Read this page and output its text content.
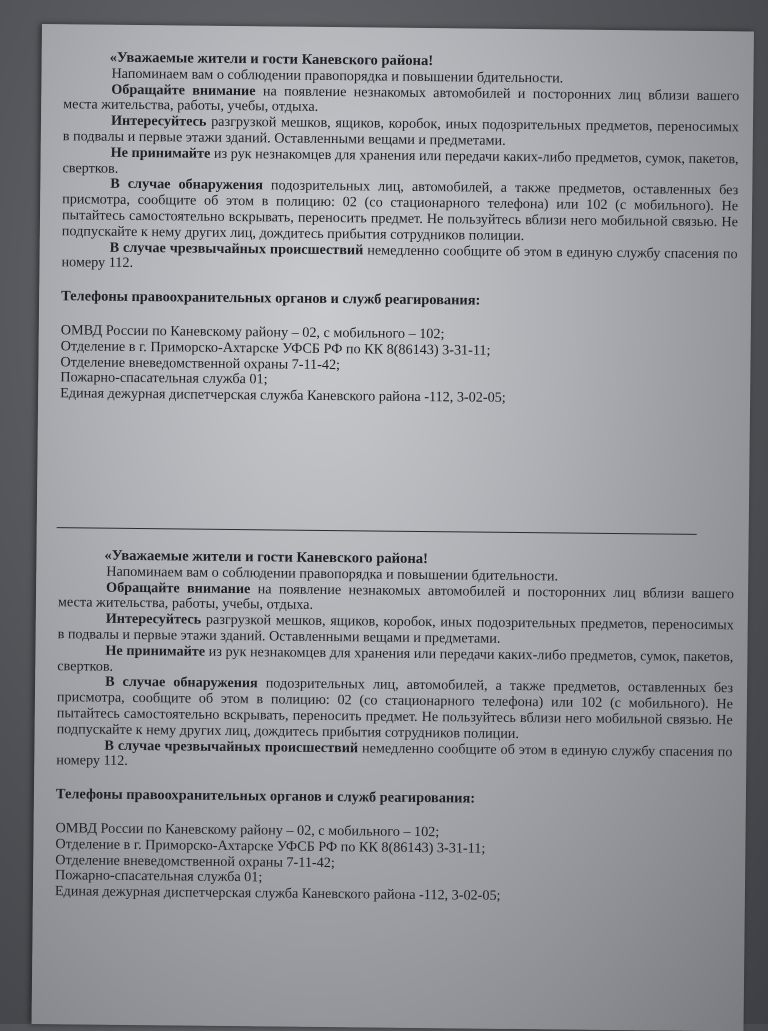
«Уважаемые жители и гости Каневского района!

Напоминаем вам о соблюдении правопорядка и повышении бдительности.

Обращайте внимание на появление незнакомых автомобилей и посторонних лиц вблизи вашего места жительства, работы, учебы, отдыха.

Интересуйтесь разгрузкой мешков, ящиков, коробок, иных подозрительных предметов, переносимых в подвалы и первые этажи зданий. Оставленными вещами и предметами.

Не принимайте из рук незнакомцев для хранения или передачи каких-либо предметов, сумок, пакетов, свертков.

В случае обнаружения подозрительных лиц, автомобилей, а также предметов, оставленных без присмотра, сообщите об этом в полицию: 02 (со стационарного телефона) или 102 (с мобильного). Не пытайтесь самостоятельно вскрывать, переносить предмет. Не пользуйтесь вблизи него мобильной связью. Не подпускайте к нему других лиц, дождитесь прибытия сотрудников полиции.

В случае чрезвычайных происшествий немедленно сообщите об этом в единую службу спасения по номеру 112.

Телефоны правоохранительных органов и служб реагирования:

ОМВД России по Каневскому району – 02, с мобильного – 102;

Отделение в г. Приморско-Ахтарске УФСБ РФ по КК 8(86143) 3-31-11;

Отделение вневедомственной охраны 7-11-42;

Пожарно-спасательная служба 01;

Единая дежурная диспетчерская служба Каневского района -112, 3-02-05;

«Уважаемые жители и гости Каневского района!

Напоминаем вам о соблюдении правопорядка и повышении бдительности.

Обращайте внимание на появление незнакомых автомобилей и посторонних лиц вблизи вашего места жительства, работы, учебы, отдыха.

Интересуйтесь разгрузкой мешков, ящиков, коробок, иных подозрительных предметов, переносимых в подвалы и первые этажи зданий. Оставленными вещами и предметами.

Не принимайте из рук незнакомцев для хранения или передачи каких-либо предметов, сумок, пакетов, свертков.

В случае обнаружения подозрительных лиц, автомобилей, а также предметов, оставленных без присмотра, сообщите об этом в полицию: 02 (со стационарного телефона) или 102 (с мобильного). Не пытайтесь самостоятельно вскрывать, переносить предмет. Не пользуйтесь вблизи него мобильной связью. Не подпускайте к нему других лиц, дождитесь прибытия сотрудников полиции.

В случае чрезвычайных происшествий немедленно сообщите об этом в единую службу спасения по номеру 112.

Телефоны правоохранительных органов и служб реагирования:

ОМВД России по Каневскому району – 02, с мобильного – 102;

Отделение в г. Приморско-Ахтарске УФСБ РФ по КК 8(86143) 3-31-11;

Отделение вневедомственной охраны 7-11-42;

Пожарно-спасательная служба 01;

Единая дежурная диспетчерская служба Каневского района -112, 3-02-05;
